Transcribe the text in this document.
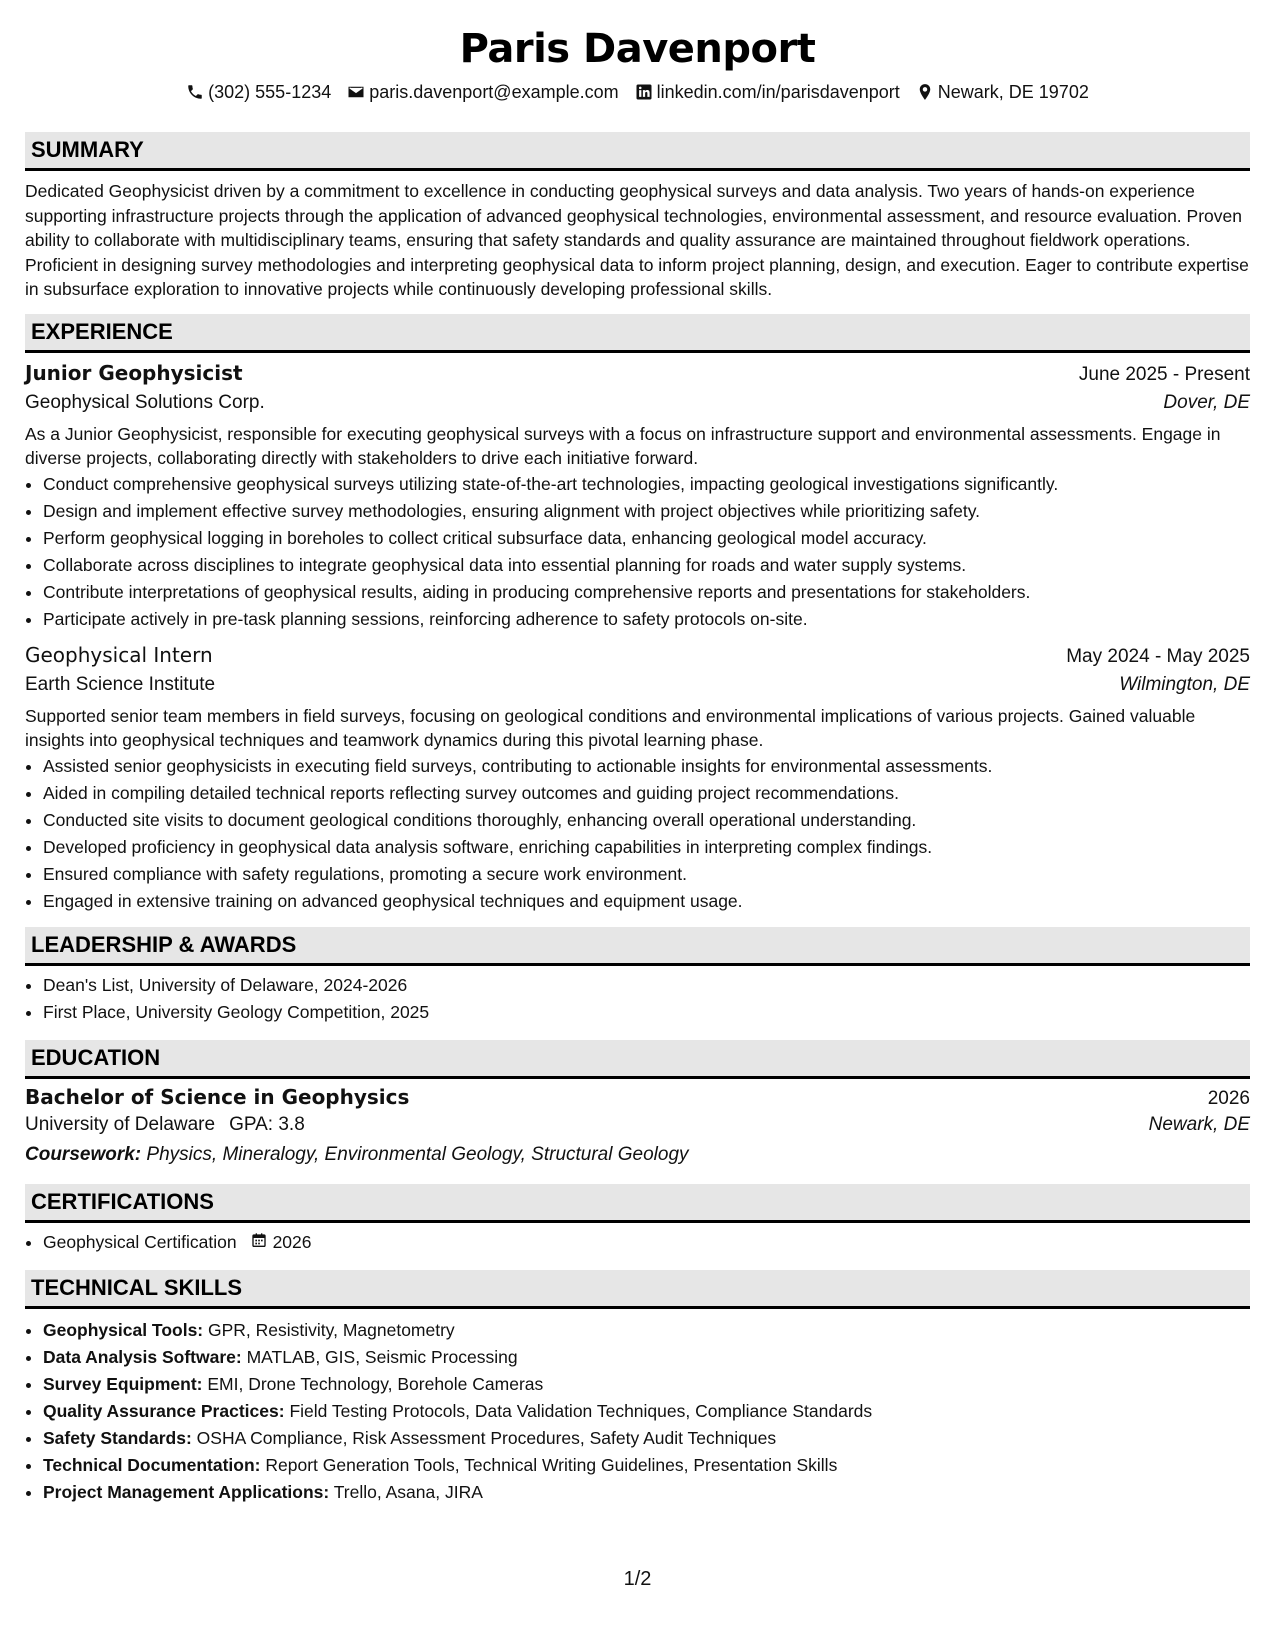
Paris Davenport
(302) 555-1234 paris.davenport@example.com linkedin.com/in/parisdavenport Newark, DE 19702
SUMMARY
Dedicated Geophysicist driven by a commitment to excellence in conducting geophysical surveys and data analysis. Two years of hands-on experience supporting infrastructure projects through the application of advanced geophysical technologies, environmental assessment, and resource evaluation. Proven ability to collaborate with multidisciplinary teams, ensuring that safety standards and quality assurance are maintained throughout fieldwork operations. Proficient in designing survey methodologies and interpreting geophysical data to inform project planning, design, and execution. Eager to contribute expertise in subsurface exploration to innovative projects while continuously developing professional skills.
EXPERIENCE
Junior Geophysicist	June 2025 - Present
Geophysical Solutions Corp.	Dover, DE
As a Junior Geophysicist, responsible for executing geophysical surveys with a focus on infrastructure support and environmental assessments. Engage in diverse projects, collaborating directly with stakeholders to drive each initiative forward.
• Conduct comprehensive geophysical surveys utilizing state-of-the-art technologies, impacting geological investigations significantly.
• Design and implement effective survey methodologies, ensuring alignment with project objectives while prioritizing safety.
• Perform geophysical logging in boreholes to collect critical subsurface data, enhancing geological model accuracy.
• Collaborate across disciplines to integrate geophysical data into essential planning for roads and water supply systems.
• Contribute interpretations of geophysical results, aiding in producing comprehensive reports and presentations for stakeholders.
• Participate actively in pre-task planning sessions, reinforcing adherence to safety protocols on-site.
Geophysical Intern	May 2024 - May 2025
Earth Science Institute	Wilmington, DE
Supported senior team members in field surveys, focusing on geological conditions and environmental implications of various projects. Gained valuable insights into geophysical techniques and teamwork dynamics during this pivotal learning phase.
• Assisted senior geophysicists in executing field surveys, contributing to actionable insights for environmental assessments.
• Aided in compiling detailed technical reports reflecting survey outcomes and guiding project recommendations.
• Conducted site visits to document geological conditions thoroughly, enhancing overall operational understanding.
• Developed proficiency in geophysical data analysis software, enriching capabilities in interpreting complex findings.
• Ensured compliance with safety regulations, promoting a secure work environment.
• Engaged in extensive training on advanced geophysical techniques and equipment usage.
LEADERSHIP & AWARDS
• Dean's List, University of Delaware, 2024-2026
• First Place, University Geology Competition, 2025
EDUCATION
Bachelor of Science in Geophysics	2026
University of Delaware GPA: 3.8	Newark, DE
Coursework: Physics, Mineralogy, Environmental Geology, Structural Geology
CERTIFICATIONS
• Geophysical Certification 2026
TECHNICAL SKILLS
• Geophysical Tools: GPR, Resistivity, Magnetometry
• Data Analysis Software: MATLAB, GIS, Seismic Processing
• Survey Equipment: EMI, Drone Technology, Borehole Cameras
• Quality Assurance Practices: Field Testing Protocols, Data Validation Techniques, Compliance Standards
• Safety Standards: OSHA Compliance, Risk Assessment Procedures, Safety Audit Techniques
• Technical Documentation: Report Generation Tools, Technical Writing Guidelines, Presentation Skills
• Project Management Applications: Trello, Asana, JIRA
1/2
